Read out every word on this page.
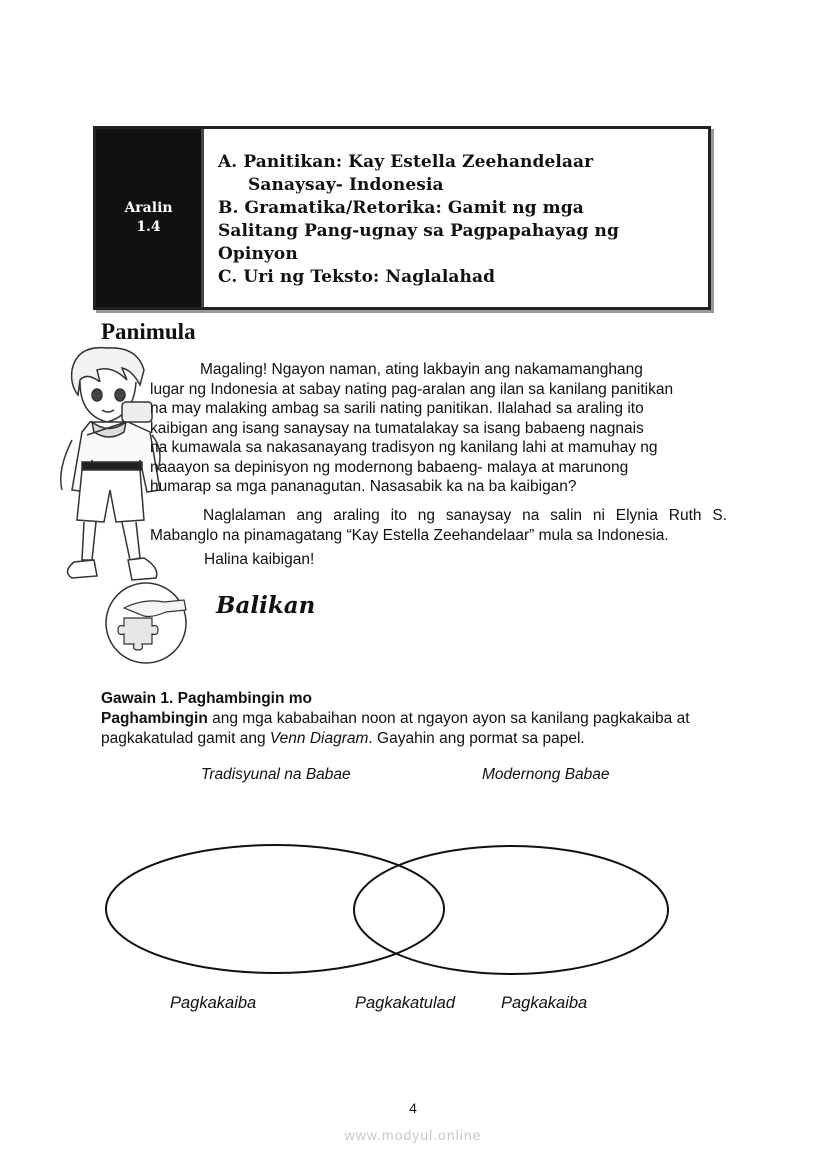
Aralin
1.4
A. Panitikan: Kay Estella Zeehandelaar
Sanaysay- Indonesia
B. Gramatika/Retorika: Gamit ng mga
Salitang Pang-ugnay sa Pagpapahayag ng
Opinyon
C. Uri ng Teksto: Naglalahad
Panimula
Magaling! Ngayon naman, ating lakbayin ang nakamamanghang
lugar ng Indonesia at sabay nating pag-aralan ang ilan sa kanilang panitikan
na may malaking ambag sa sarili nating panitikan. Ilalahad sa araling ito
kaibigan ang isang sanaysay na tumatalakay sa isang babaeng nagnais
na kumawala sa nakasanayang tradisyon ng kanilang lahi at mamuhay ng
naaayon sa depinisyon ng modernong babaeng- malaya at marunong
humarap sa mga pananagutan. Nasasabik ka na ba kaibigan?
Naglalaman ang araling ito ng sanaysay na salin ni Elynia Ruth S. Mabanglo na pinamagatang “Kay Estella Zeehandelaar” mula sa Indonesia.
Halina kaibigan!
Balikan
Gawain 1. Paghambingin mo
Paghambingin ang mga kababaihan noon at ngayon ayon sa kanilang pagkakaiba at pagkakatulad gamit ang Venn Diagram. Gayahin ang pormat sa papel.
Tradisyunal na Babae	Modernong Babae
Pagkakaiba	Pagkakatulad	Pagkakaiba
4
www.modyul.online
